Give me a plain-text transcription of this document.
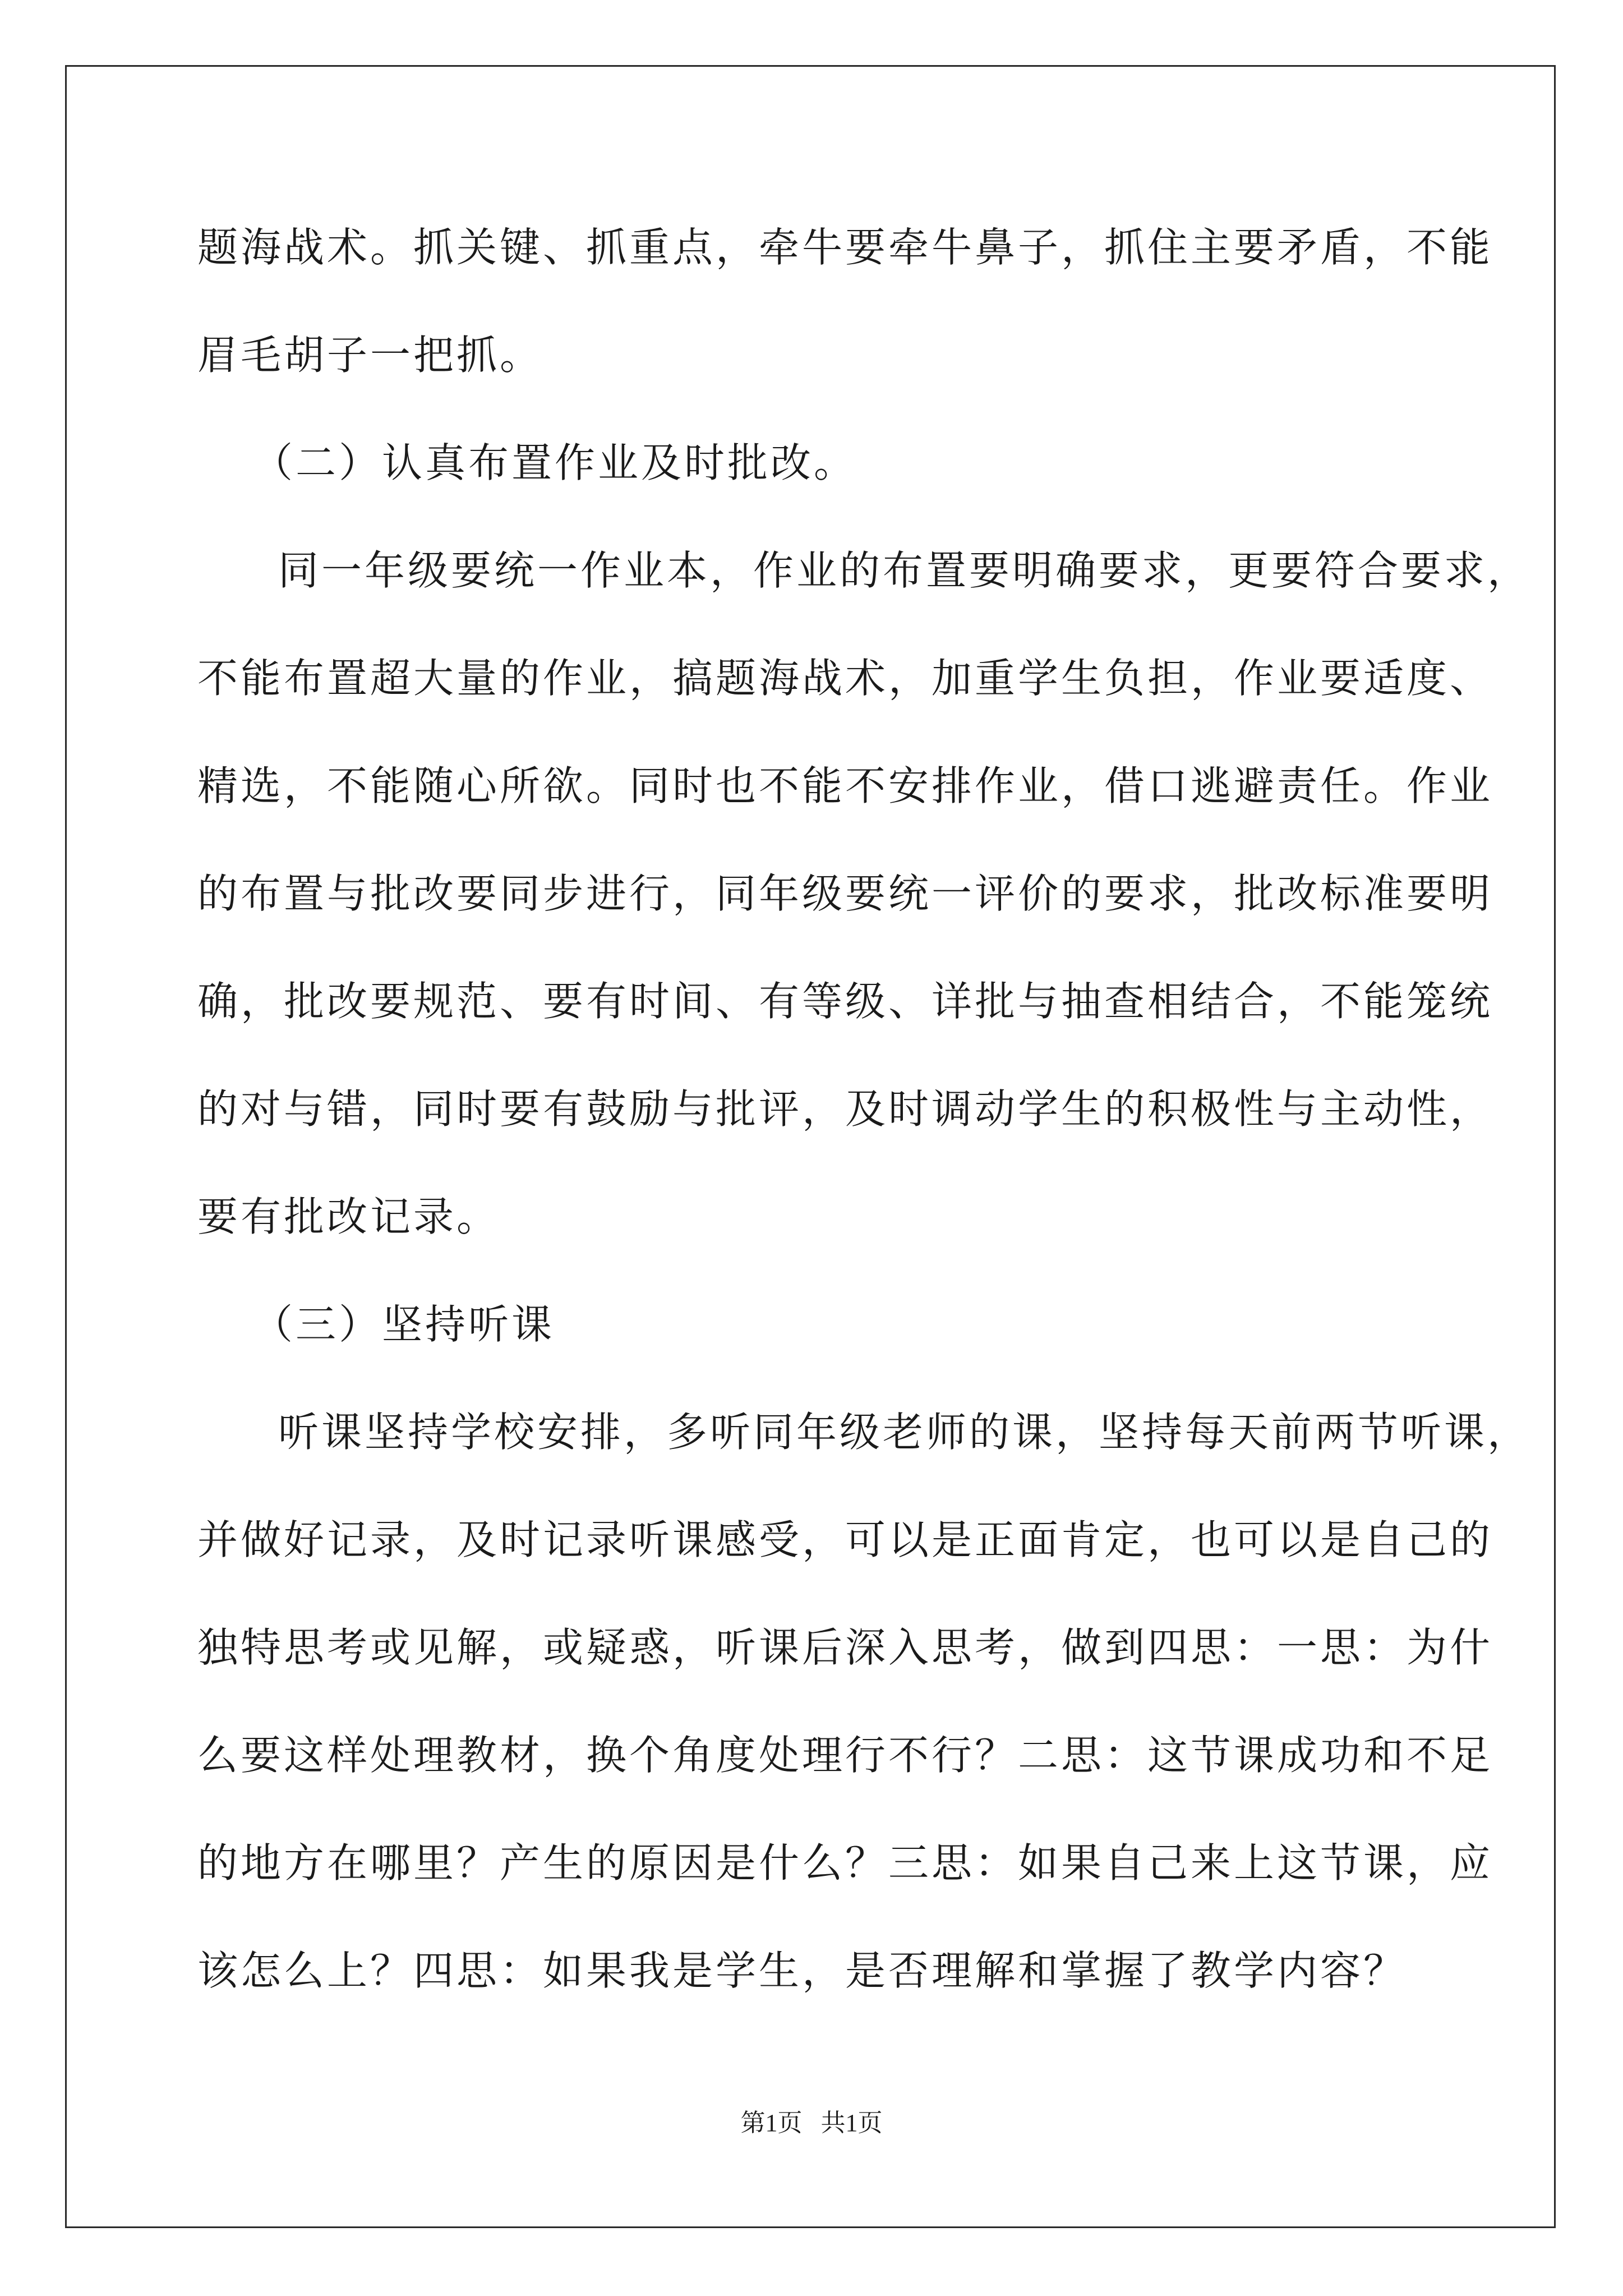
题海战术。抓关键、抓重点，牵牛要牵牛鼻子，抓住主要矛盾，不能
眉毛胡子一把抓。
（二）认真布置作业及时批改。
同一年级要统一作业本，作业的布置要明确要求，更要符合要求，
不能布置超大量的作业，搞题海战术，加重学生负担，作业要适度、
精选，不能随心所欲。同时也不能不安排作业，借口逃避责任。作业
的布置与批改要同步进行，同年级要统一评价的要求，批改标准要明
确，批改要规范、要有时间、有等级、详批与抽查相结合，不能笼统
的对与错，同时要有鼓励与批评，及时调动学生的积极性与主动性，
要有批改记录。
（三）坚持听课
听课坚持学校安排，多听同年级老师的课，坚持每天前两节听课，
并做好记录，及时记录听课感受，可以是正面肯定，也可以是自己的
独特思考或见解，或疑惑，听课后深入思考，做到四思：一思：为什
么要这样处理教材，换个角度处理行不行？二思：这节课成功和不足
的地方在哪里？产生的原因是什么？三思：如果自己来上这节课，应
该怎么上？四思：如果我是学生，是否理解和掌握了教学内容？
第1页   共1页
